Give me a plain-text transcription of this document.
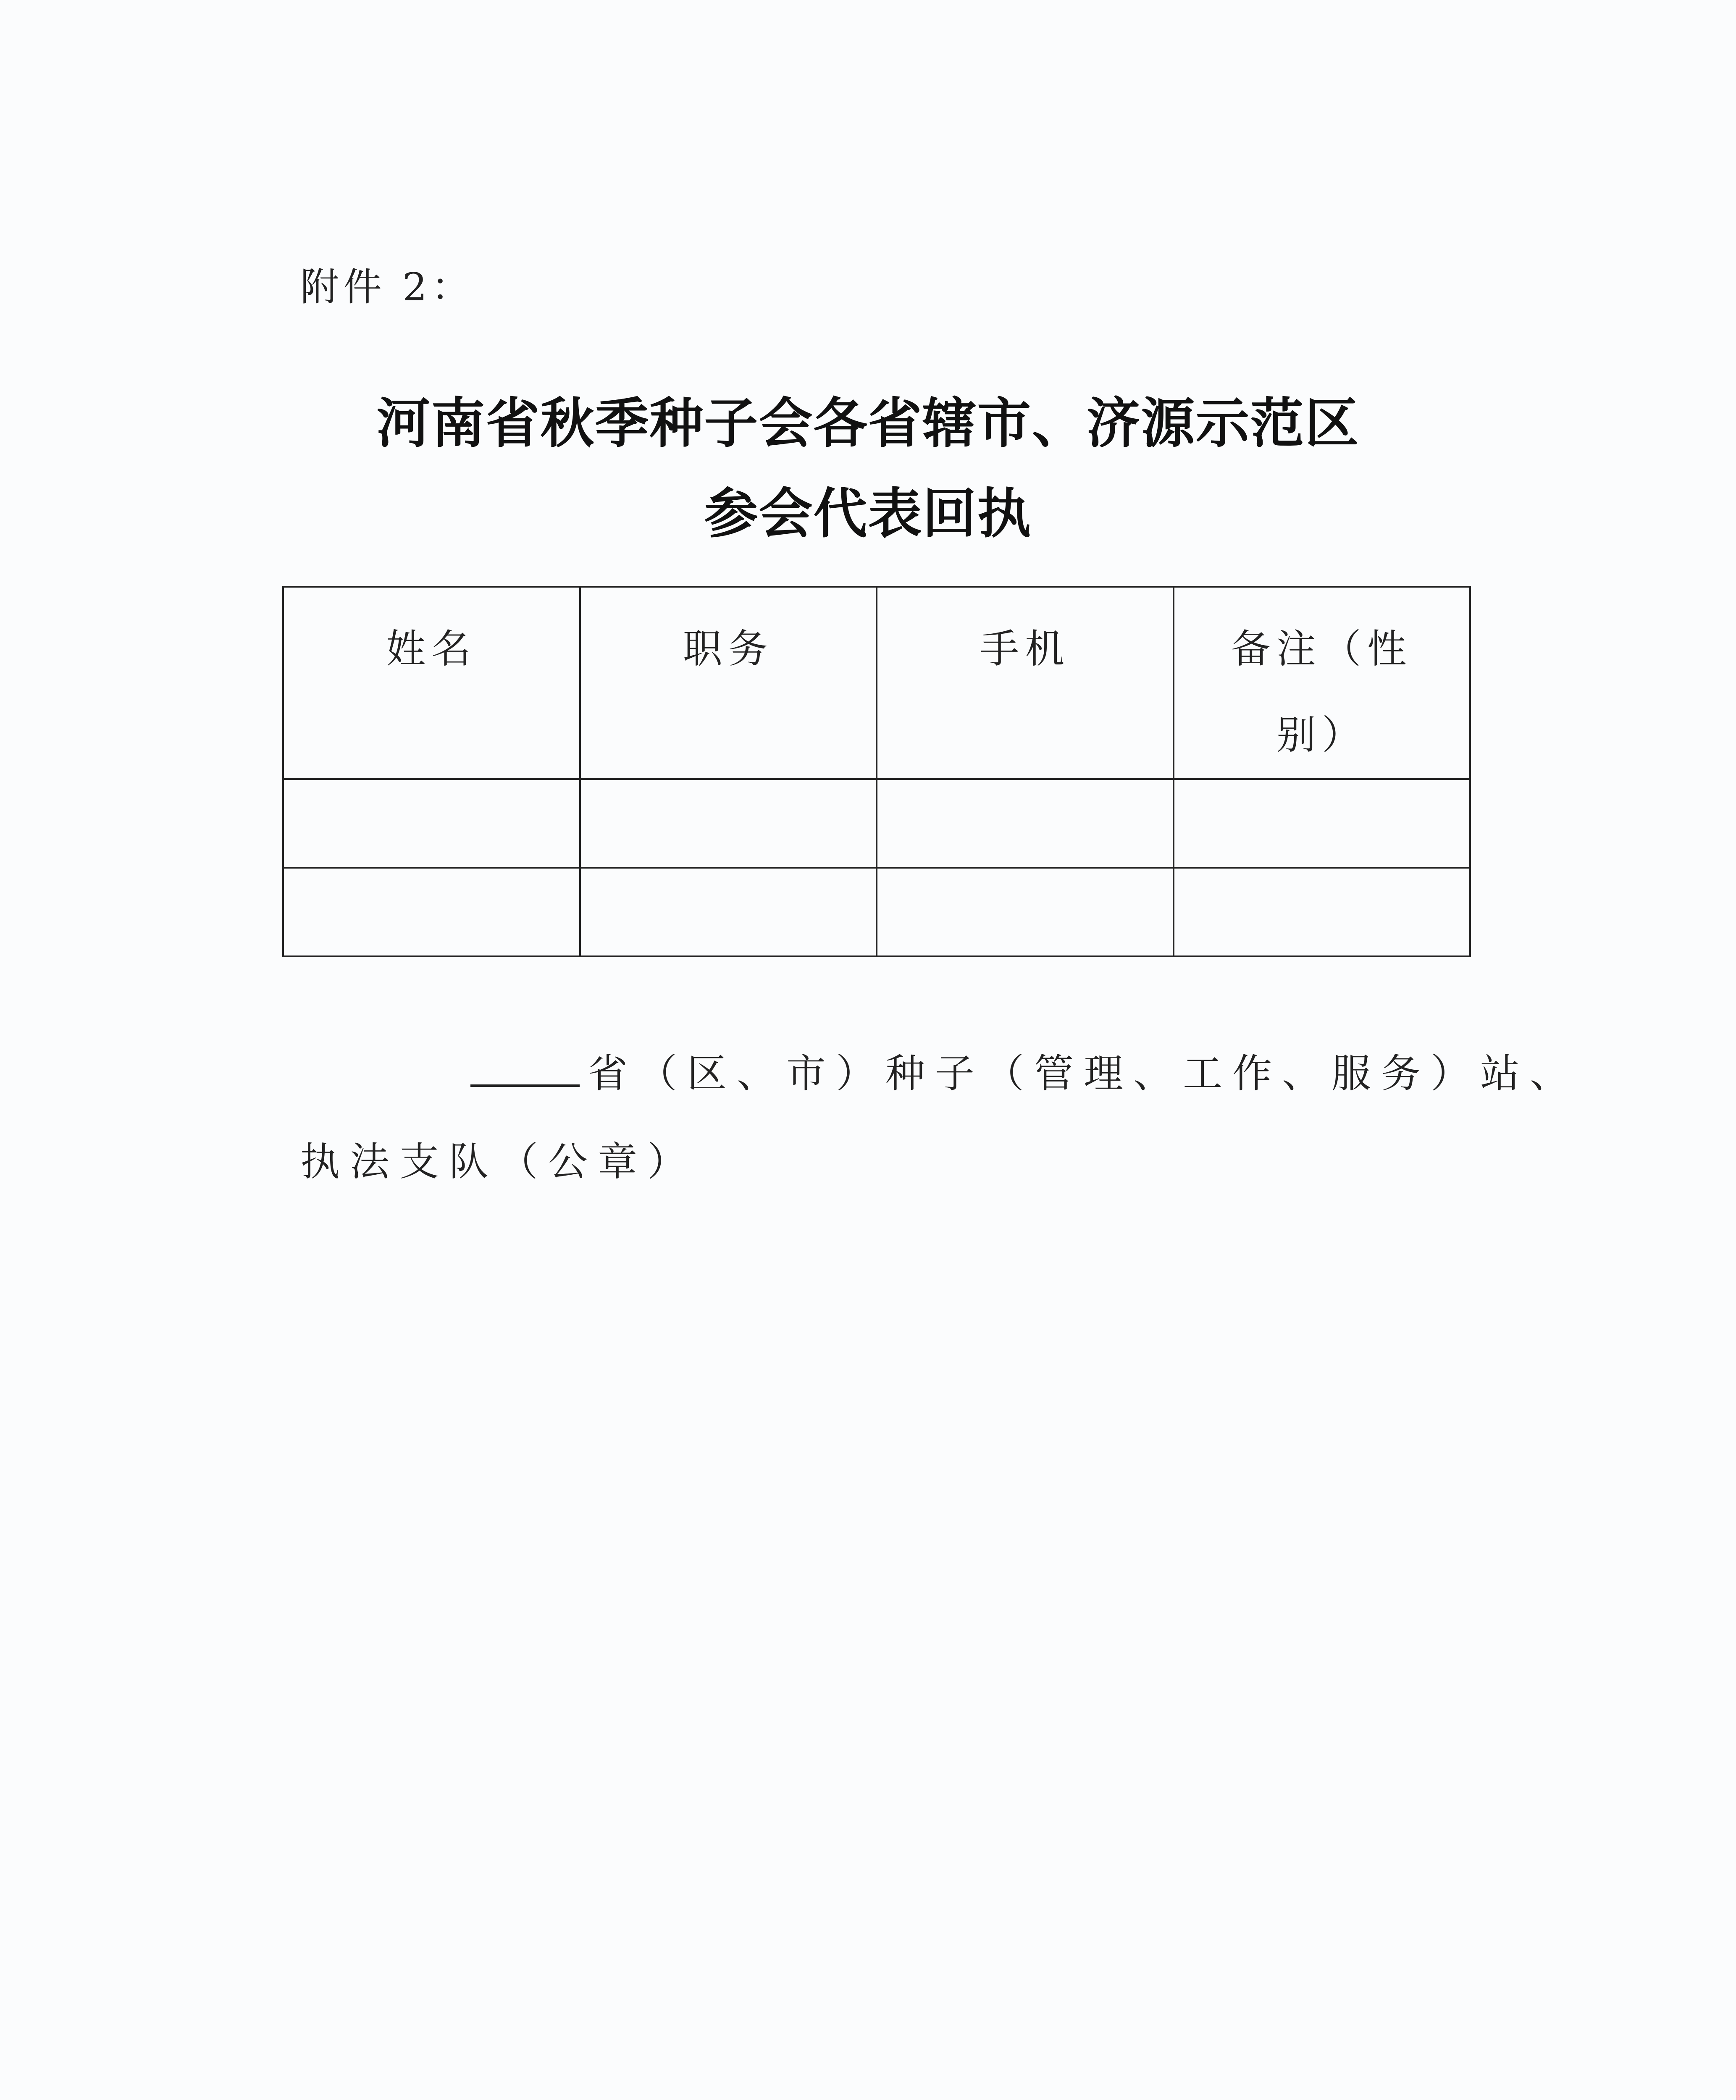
附件 2：
河南省秋季种子会各省辖市、济源示范区
参会代表回执
姓名	职务	手机	备注（性别）

省（区、市）种子（管理、工作、服务）站、
执法支队（公章）
